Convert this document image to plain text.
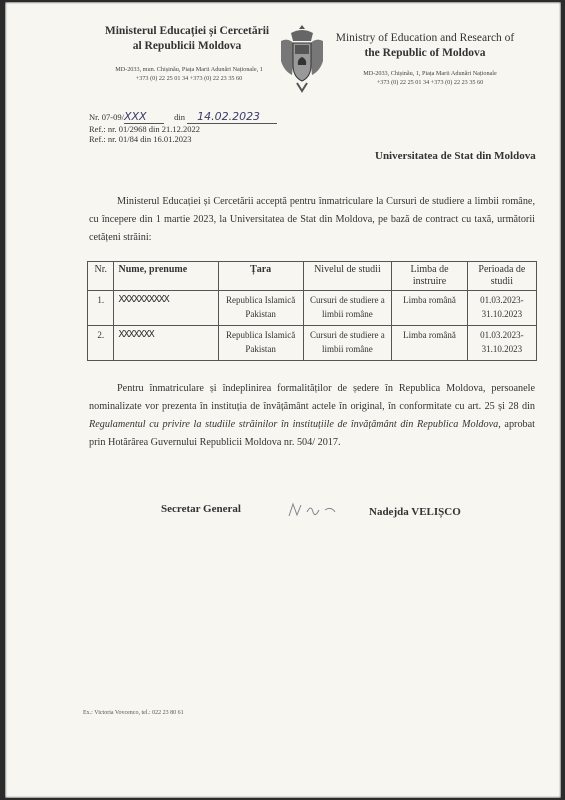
Ministerul Educației și Cercetării
al Republicii Moldova
MD-2033, mun. Chișinău, Piața Marii Adunări Naționale, 1
+373 (0) 22 25 01 34 +373 (0) 22 23 35 60
Ministry of Education and Research of
the Republic of Moldova
MD-2033, Chișinău, 1, Piața Marii Adunări Naționale
+373 (0) 22 25 01 34 +373 (0) 22 23 35 60
Nr. 07-09/XXX	din 14.02.2023
Ref.: nr. 01/2968 din 21.12.2022
Ref.: nr. 01/84 din 16.01.2023
Universitatea de Stat din Moldova
Ministerul Educației și Cercetării acceptă pentru înmatriculare la Cursuri de studiere a limbii române, cu începere din 1 martie 2023, la Universitatea de Stat din Moldova, pe bază de contract cu taxă, următorii cetățeni străini:
Nr.	Nume, prenume	Țara	Nivelul de studii	Limba de instruire	Perioada de studii
1.	XXXXXXXXXX	Republica Islamică Pakistan	Cursuri de studiere a limbii române	Limba română	01.03.2023-31.10.2023
2.	XXXXXXX	Republica Islamică Pakistan	Cursuri de studiere a limbii române	Limba română	01.03.2023-31.10.2023
Pentru înmatriculare și îndeplinirea formalităților de ședere în Republica Moldova, persoanele nominalizate vor prezenta în instituția de învățământ actele în original, în conformitate cu art. 25 și 28 din Regulamentul cu privire la studiile străinilor în instituțiile de învățământ din Republica Moldova, aprobat prin Hotărârea Guvernului Republicii Moldova nr. 504/ 2017.
Secretar General	Nadejda VELIȘCO
Ex.: Victoria Vovcenco, tel.: 022 23 80 61
